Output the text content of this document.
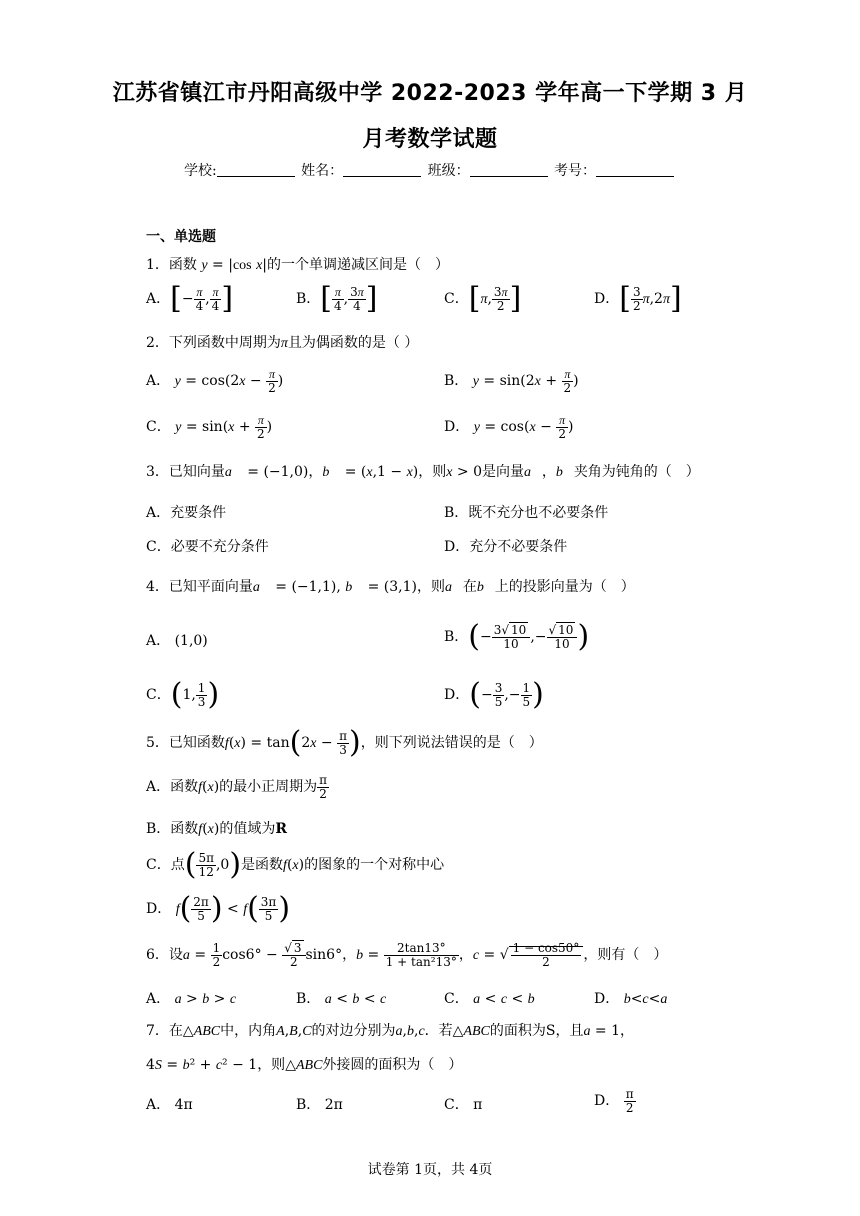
江苏省镇江市丹阳高级中学 2022-2023 学年高一下学期 3 月
月考数学试题
学校:	姓名：	班级：	考号：
一、单选题
1．函数 y = |cos x|的一个单调递减区间是（　）
A．[− $\frac{\pi}{4}$ , $\frac{\pi}{4}$ ]	B．[ $\frac{\pi}{4}$ , $\frac{3\pi}{4}$ ]	C．[π, $\frac{3\pi}{2}$ ]	D．[ $\frac{3}{2} \pi,2\pi$]
2．下列函数中周期为π且为偶函数的是（ ）
A． $y = \cos(2x - \frac{\pi}{2}$ )	B． $y = \sin(2x + \frac{\pi}{2}$ )
C． $y = \sin(x + \frac{\pi}{2}$ )	D． $y = \cos(x - \frac{\pi}{2}$ )
3．已知向量a⃗ = (−1,0)，b⃗ = (x,1 − x)，则x > 0是向量a⃗，b⃗夹角为钝角的（　）
A．充要条件	B．既不充分也不必要条件
C．必要不充分条件	D．充分不必要条件
4．已知平面向量a⃗ = (−1,1), b⃗ = (3,1)，则a⃗在b⃗上的投影向量为（　）
A． (1,0)	B．(− $\frac{3√ 10}{10}$ ,− $\frac{√ 10}{10}$ )
C．(1, $\frac{1}{3}$ )	D．(− $\frac{3}{5}$ ,− $\frac{1}{5}$ )
5．已知函数$f(x) = \tan(2x - \frac{\pi}{3}$ )，则下列说法错误的是（　）
A．函数f(x)的最小正周期为 $\frac{\pi}{2}$
B．函数f(x)的值域为R
C．点( $\frac{5\pi}{12} ,0$)是函数f(x)的图象的一个对称中心
D． $f( \frac{2\pi}{5}$ ) < $f( \frac{3\pi}{5}$ )
6．设$a = \frac{1}{2} \cos 6^\circ - \frac{√ 3}{2} \sin 6^\circ$，$b = \frac{2\tan 13^\circ}{\text{1 + tan²13°}}$ ，c = √ $\frac{1 - \cos 50^\circ}{2}$ ，则有（　）
A． a > b > c	B． a < b < c	C． a < c < b	D． b<c<a
7．在△ABC中，内角A,B,C的对边分别为a,b,c．若△ABC的面积为S，且a = 1，
4S = b² + c² − 1，则△ABC外接圆的面积为（　）
A． 4π	B． 2π	C． π	D． $\frac{\pi}{2}$
试卷第 1页，共 4页
